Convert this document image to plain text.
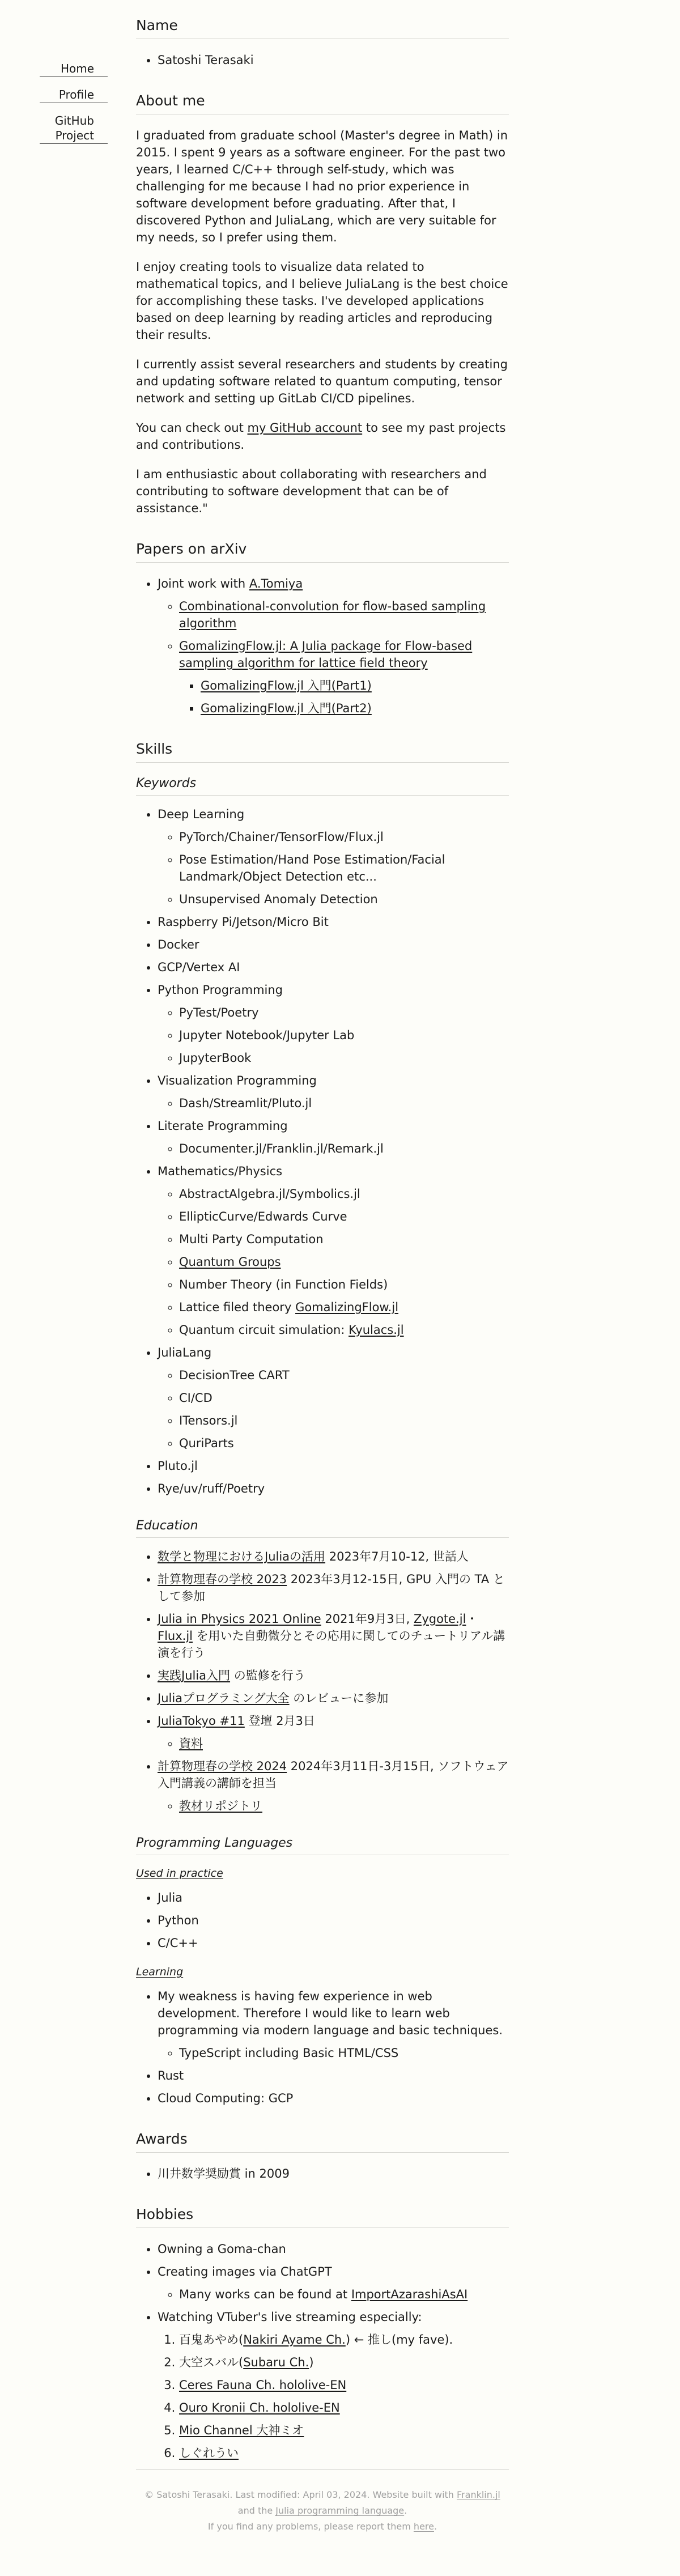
Home
Profile
GitHub Project
Name
• Satoshi Terasaki
About me

I graduated from graduate school (Master's degree in Math) in 2015. I spent 9 years as a software engineer. For the past two years, I learned C/C++ through self-study, which was challenging for me because I had no prior experience in software development before graduating. After that, I discovered Python and JuliaLang, which are very suitable for my needs, so I prefer using them.

I enjoy creating tools to visualize data related to mathematical topics, and I believe JuliaLang is the best choice for accomplishing these tasks. I've developed applications based on deep learning by reading articles and reproducing their results.

I currently assist several researchers and students by creating and updating software related to quantum computing, tensor network and setting up GitLab CI/CD pipelines.

You can check out my GitHub account to see my past projects and contributions.

I am enthusiastic about collaborating with researchers and contributing to software development that can be of assistance."

Papers on arXiv
• Joint work with A.Tomiya
◦ Combinational-convolution for flow-based sampling algorithm
◦ GomalizingFlow.jl: A Julia package for Flow-based sampling algorithm for lattice field theory
▪ GomalizingFlow.jl 入門(Part1)
▪ GomalizingFlow.jl 入門(Part2)
Skills
Keywords
• Deep Learning
◦ PyTorch/Chainer/TensorFlow/Flux.jl
◦ Pose Estimation/Hand Pose Estimation/Facial Landmark/Object Detection etc...
◦ Unsupervised Anomaly Detection
• Raspberry Pi/Jetson/Micro Bit
• Docker
• GCP/Vertex AI
• Python Programming
◦ PyTest/Poetry
◦ Jupyter Notebook/Jupyter Lab
◦ JupyterBook
• Visualization Programming
◦ Dash/Streamlit/Pluto.jl
• Literate Programming
◦ Documenter.jl/Franklin.jl/Remark.jl
• Mathematics/Physics
◦ AbstractAlgebra.jl/Symbolics.jl
◦ EllipticCurve/Edwards Curve
◦ Multi Party Computation
◦ Quantum Groups
◦ Number Theory (in Function Fields)
◦ Lattice filed theory GomalizingFlow.jl
◦ Quantum circuit simulation: Kyulacs.jl
• JuliaLang
◦ DecisionTree CART
◦ CI/CD
◦ ITensors.jl
◦ QuriParts
• Pluto.jl
• Rye/uv/ruff/Poetry
Education
• 数学と物理におけるJuliaの活用 2023年7月10-12, 世話人
• 計算物理春の学校 2023 2023年3月12-15日, GPU 入門の TA として参加
• Julia in Physics 2021 Online 2021年9月3日, Zygote.jl・Flux.jl を用いた自動微分とその応用に関してのチュートリアル講演を行う
• 実践Julia入門 の監修を行う
• Juliaプログラミング大全 のレビューに参加
• JuliaTokyo #11 登壇 2月3日
◦ 資料
• 計算物理春の学校 2024 2024年3月11日-3月15日, ソフトウェア入門講義の講師を担当
◦ 教材リポジトリ
Programming Languages
Used in practice
• Julia
• Python
• C/C++
Learning
• My weakness is having few experience in web development. Therefore I would like to learn web programming via modern language and basic techniques.
◦ TypeScript including Basic HTML/CSS
• Rust
• Cloud Computing: GCP
Awards
• 川井数学奨励賞 in 2009
Hobbies
• Owning a Goma-chan
• Creating images via ChatGPT
◦ Many works can be found at ImportAzarashiAsAI
• Watching VTuber's live streaming especially:
1. 百鬼あやめ(Nakiri Ayame Ch.) ← 推し(my fave).
2. 大空スバル(Subaru Ch.)
3. Ceres Fauna Ch. hololive-EN
4. Ouro Kronii Ch. hololive-EN
5. Mio Channel 大神ミオ
6. しぐれうい
© Satoshi Terasaki. Last modified: April 03, 2024. Website built with Franklin.jl and the Julia programming language.
If you find any problems, please report them here.
